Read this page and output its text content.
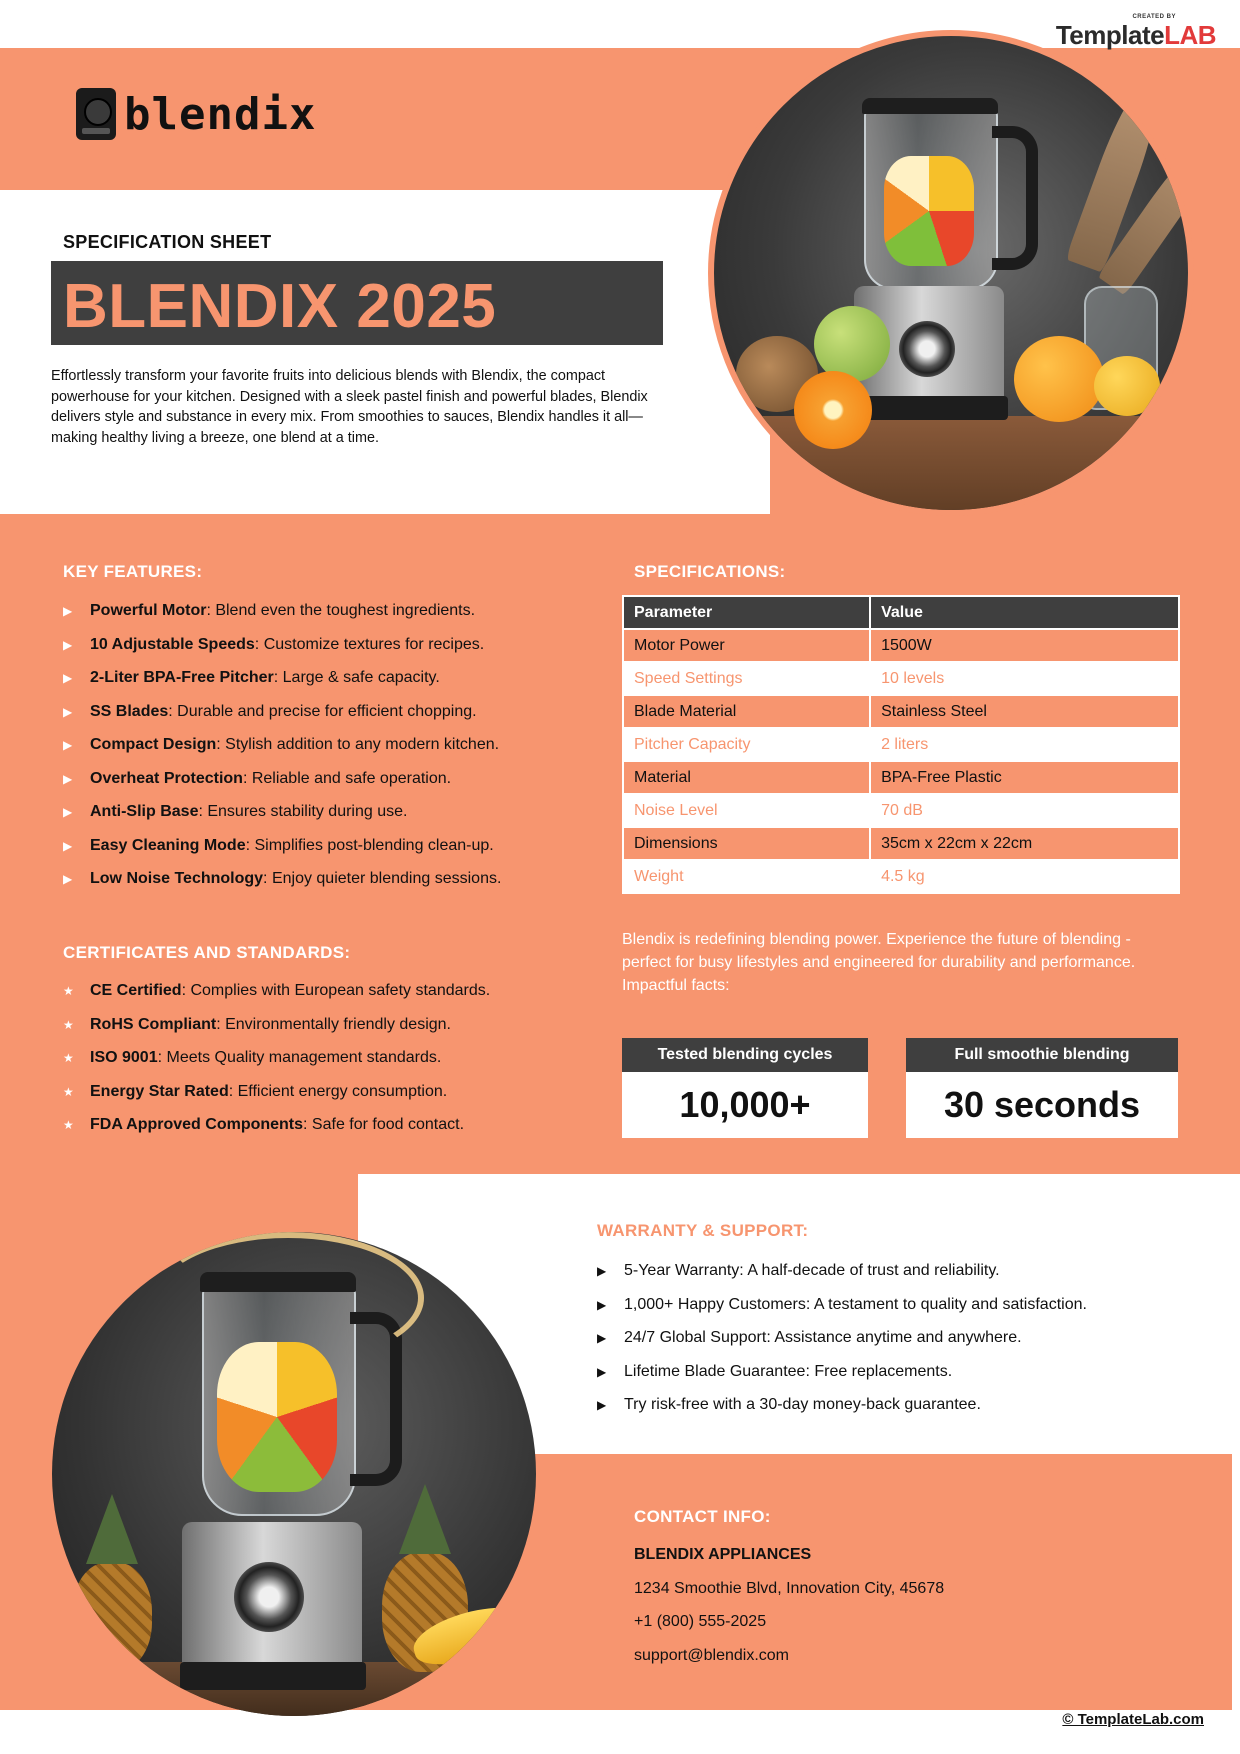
CREATED BY
TemplateLAB
blendix
SPECIFICATION SHEET
BLENDIX 2025
Effortlessly transform your favorite fruits into delicious blends with Blendix, the compact powerhouse for your kitchen. Designed with a sleek pastel finish and powerful blades, Blendix delivers style and substance in every mix. From smoothies to sauces, Blendix handles it all—making healthy living a breeze, one blend at a time.
KEY FEATURES:
▶ Powerful Motor: Blend even the toughest ingredients.
▶ 10 Adjustable Speeds: Customize textures for recipes.
▶ 2-Liter BPA-Free Pitcher: Large & safe capacity.
▶ SS Blades: Durable and precise for efficient chopping.
▶ Compact Design: Stylish addition to any modern kitchen.
▶ Overheat Protection: Reliable and safe operation.
▶ Anti-Slip Base: Ensures stability during use.
▶ Easy Cleaning Mode: Simplifies post-blending clean-up.
▶ Low Noise Technology: Enjoy quieter blending sessions.
CERTIFICATES AND STANDARDS:
★ CE Certified: Complies with European safety standards.
★ RoHS Compliant: Environmentally friendly design.
★ ISO 9001: Meets Quality management standards.
★ Energy Star Rated: Efficient energy consumption.
★ FDA Approved Components: Safe for food contact.
SPECIFICATIONS:
Parameter	Value
Motor Power	1500W
Speed Settings	10 levels
Blade Material	Stainless Steel
Pitcher Capacity	2 liters
Material	BPA-Free Plastic
Noise Level	70 dB
Dimensions	35cm x 22cm x 22cm
Weight	4.5 kg
Blendix is redefining blending power. Experience the future of blending - perfect for busy lifestyles and engineered for durability and performance. Impactful facts:
Tested blending cycles
10,000+
Full smoothie blending
30 seconds
WARRANTY & SUPPORT:
▶ 5-Year Warranty: A half-decade of trust and reliability.
▶ 1,000+ Happy Customers: A testament to quality and satisfaction.
▶ 24/7 Global Support: Assistance anytime and anywhere.
▶ Lifetime Blade Guarantee: Free replacements.
▶ Try risk-free with a 30-day money-back guarantee.
CONTACT INFO:
BLENDIX APPLIANCES
1234 Smoothie Blvd, Innovation City, 45678
+1 (800) 555-2025
support@blendix.com
© TemplateLab.com
